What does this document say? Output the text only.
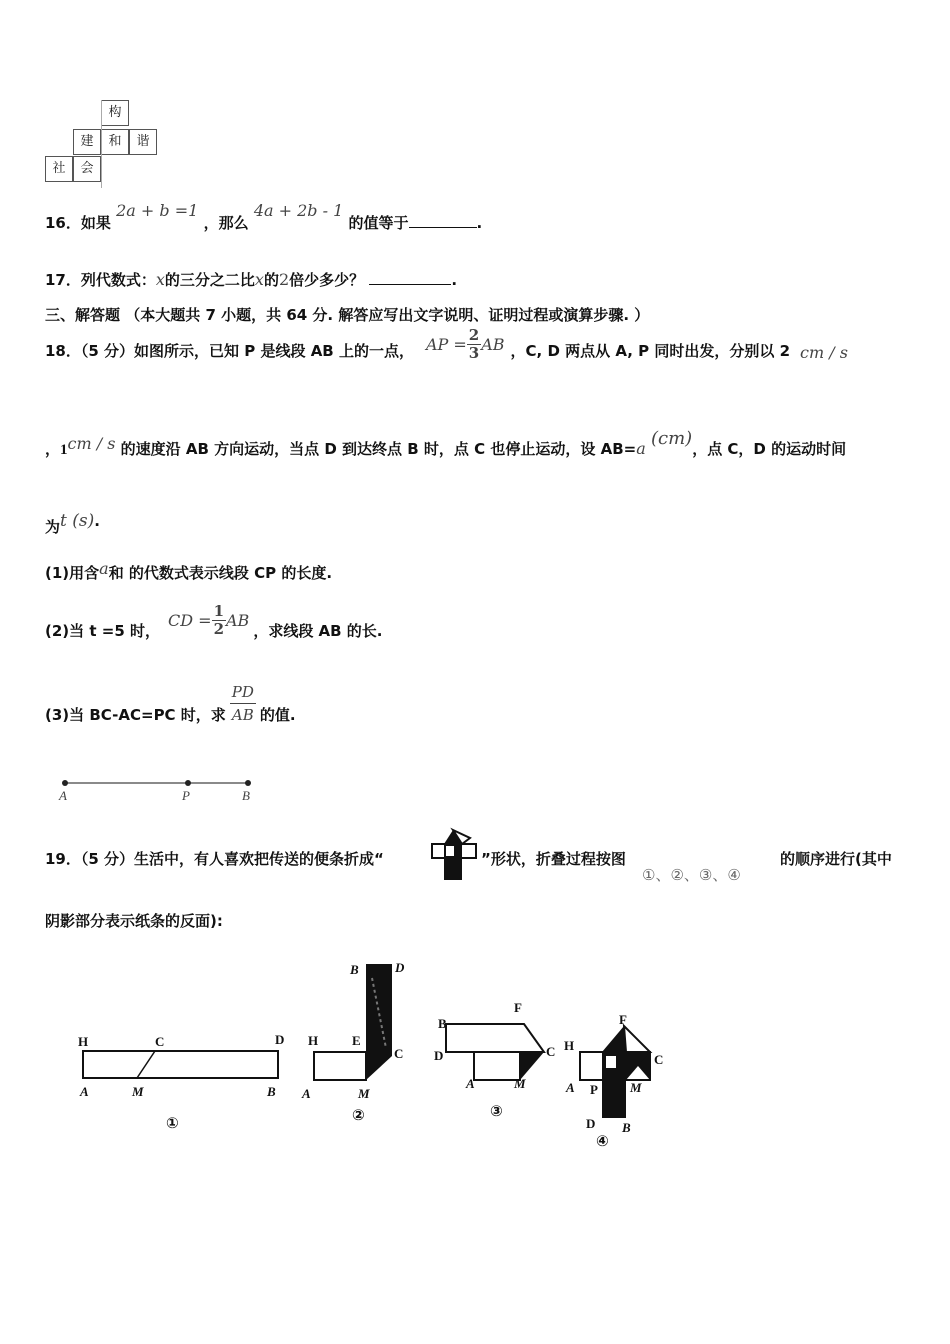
构
建	和	谐
社	会
16．如果 2a + b =1 ，那么 4a + 2b - 1 的值等于	.
17．列代数式：x的三分之二比x的2倍少多少？	.
三、解答题 （本大题共 7 小题，共 64 分. 解答应写出文字说明、证明过程或演算步骤. ）
18．（5 分）如图所示，已知 P 是线段 AB 上的一点， AP = $\frac{2}{3}$ AB ，C, D 两点从 A, P 同时出发，分别以 2 cm / s
，1cm / s 的速度沿 AB 方向运动，当点 D 到达终点 B 时，点 C 也停止运动，设 AB=a (cm)，点 C，D 的运动时间
为t (s).
(1)用含a和 的代数式表示线段 CP 的长度.
(2)当 t =5 时，
CD = $\frac{1}{2}$ AB
，求线段 AB 的长.
(3)当 BC-AC=PC 时，求 $\frac{PD}{AB}$ 的值.
A	P	B
19．（5 分）生活中，有人喜欢把传送的便条折成“	”形状，折叠过程按图
①、②、③、④
的顺序进行(其中
阴影部分表示纸条的反面):
H	C	D
A	M	B
①
B	D
H	E
C
A	M
②
F
B
D	C
A	M
③
F
H
C
A P M
D B
④
